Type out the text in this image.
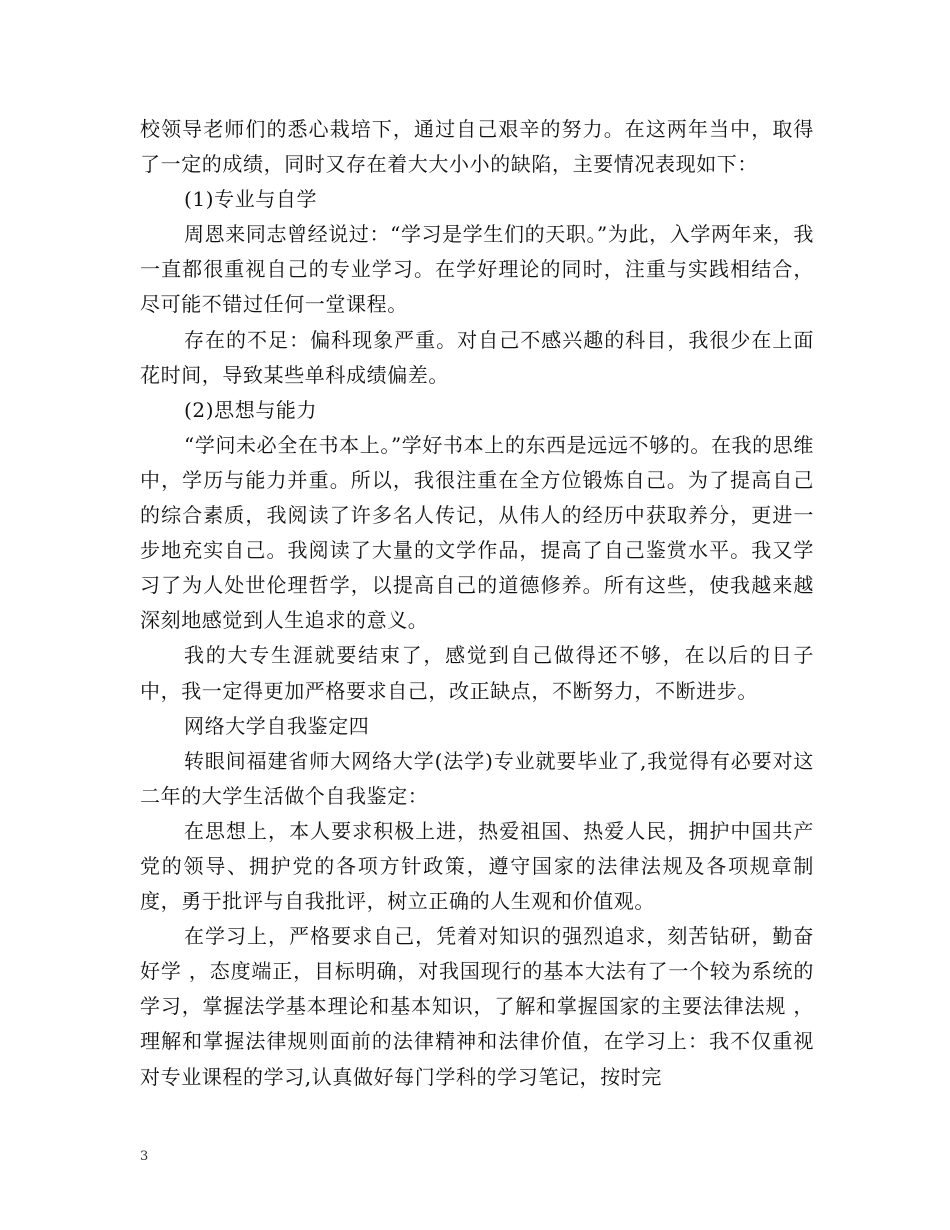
校领导老师们的悉心栽培下，通过自己艰辛的努力。在这两年当中，取得了一定的成绩，同时又存在着大大小小的缺陷，主要情况表现如下：

(1)专业与自学

周恩来同志曾经说过：“学习是学生们的天职。”为此，入学两年来，我一直都很重视自己的专业学习。在学好理论的同时，注重与实践相结合，尽可能不错过任何一堂课程。

存在的不足：偏科现象严重。对自己不感兴趣的科目，我很少在上面花时间，导致某些单科成绩偏差。

(2)思想与能力

“学问未必全在书本上。”学好书本上的东西是远远不够的。在我的思维中，学历与能力并重。所以，我很注重在全方位锻炼自己。为了提高自己的综合素质，我阅读了许多名人传记，从伟人的经历中获取养分，更进一步地充实自己。我阅读了大量的文学作品，提高了自己鉴赏水平。我又学习了为人处世伦理哲学，以提高自己的道德修养。所有这些，使我越来越深刻地感觉到人生追求的意义。

我的大专生涯就要结束了，感觉到自己做得还不够，在以后的日子中，我一定得更加严格要求自己，改正缺点，不断努力，不断进步。

网络大学自我鉴定四

转眼间福建省师大网络大学(法学)专业就要毕业了,我觉得有必要对这二年的大学生活做个自我鉴定：

在思想上，本人要求积极上进，热爱祖国、热爱人民，拥护中国共产党的领导、拥护党的各项方针政策，遵守国家的法律法规及各项规章制度，勇于批评与自我批评，树立正确的人生观和价值观。

在学习上，严格要求自己，凭着对知识的强烈追求，刻苦钻研，勤奋好学 ，态度端正，目标明确，对我国现行的基本大法有了一个较为系统的学习，掌握法学基本理论和基本知识，了解和掌握国家的主要法律法规 ， 理解和掌握法律规则面前的法律精神和法律价值，在学习上：我不仅重视对专业课程的学习,认真做好每门学科的学习笔记，按时完

3
